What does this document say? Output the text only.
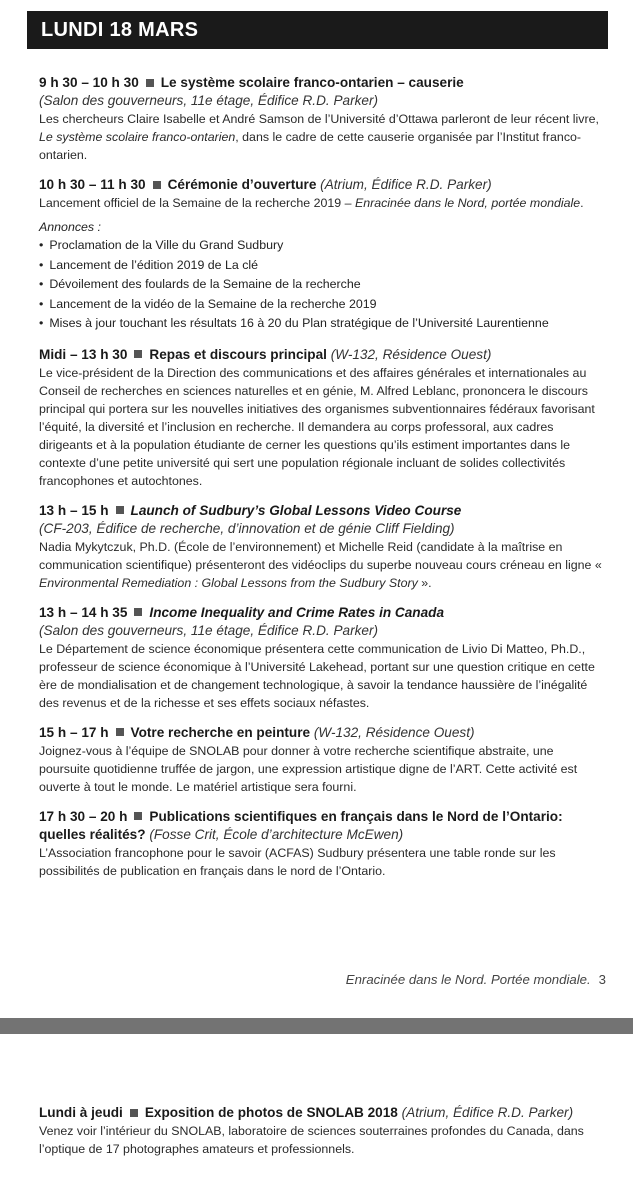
LUNDI 18 MARS
9 h 30 – 10 h 30 Le système scolaire franco-ontarien – causerie
(Salon des gouverneurs, 11e étage, Édifice R.D. Parker)
Les chercheurs Claire Isabelle et André Samson de l’Université d’Ottawa parleront de leur récent livre, Le système scolaire franco-ontarien, dans le cadre de cette causerie organisée par l’Institut franco-ontarien.
10 h 30 – 11 h 30 Cérémonie d’ouverture (Atrium, Édifice R.D. Parker)
Lancement officiel de la Semaine de la recherche 2019 – Enracinée dans le Nord, portée mondiale.
Annonces :
• Proclamation de la Ville du Grand Sudbury
• Lancement de l’édition 2019 de La clé
• Dévoilement des foulards de la Semaine de la recherche
• Lancement de la vidéo de la Semaine de la recherche 2019
• Mises à jour touchant les résultats 16 à 20 du Plan stratégique de l’Université Laurentienne
Midi – 13 h 30 Repas et discours principal (W-132, Résidence Ouest)
Le vice-président de la Direction des communications et des affaires générales et internationales au Conseil de recherches en sciences naturelles et en génie, M. Alfred Leblanc, prononcera le discours principal qui portera sur les nouvelles initiatives des organismes subventionnaires fédéraux favorisant l’équité, la diversité et l’inclusion en recherche. Il demandera au corps professoral, aux cadres dirigeants et à la population étudiante de cerner les questions qu’ils estiment importantes dans le contexte d’une petite université qui sert une population régionale incluant de solides collectivités francophones et autochtones.
13 h – 15 h Launch of Sudbury’s Global Lessons Video Course
(CF-203, Édifice de recherche, d’innovation et de génie Cliff Fielding)
Nadia Mykytczuk, Ph.D. (École de l’environnement) et Michelle Reid (candidate à la maîtrise en communication scientifique) présenteront des vidéoclips du superbe nouveau cours créneau en ligne « Environmental Remediation : Global Lessons from the Sudbury Story ».
13 h – 14 h 35 Income Inequality and Crime Rates in Canada
(Salon des gouverneurs, 11e étage, Édifice R.D. Parker)
Le Département de science économique présentera cette communication de Livio Di Matteo, Ph.D., professeur de science économique à l’Université Lakehead, portant sur une question critique en cette ère de mondialisation et de changement technologique, à savoir la tendance haussière de l’inégalité des revenus et de la richesse et ses effets sociaux néfastes.
15 h – 17 h Votre recherche en peinture (W-132, Résidence Ouest)
Joignez-vous à l’équipe de SNOLAB pour donner à votre recherche scientifique abstraite, une poursuite quotidienne truffée de jargon, une expression artistique digne de l’ART. Cette activité est ouverte à tout le monde. Le matériel artistique sera fourni.
17 h 30 – 20 h Publications scientifiques en français dans le Nord de l’Ontario: quelles réalités? (Fosse Crit, École d’architecture McEwen)
L’Association francophone pour le savoir (ACFAS) Sudbury présentera une table ronde sur les possibilités de publication en français dans le nord de l’Ontario.
Enracinée dans le Nord. Portée mondiale. 3
Lundi à jeudi Exposition de photos de SNOLAB 2018 (Atrium, Édifice R.D. Parker)
Venez voir l’intérieur du SNOLAB, laboratoire de sciences souterraines profondes du Canada, dans l’optique de 17 photographes amateurs et professionnels.
